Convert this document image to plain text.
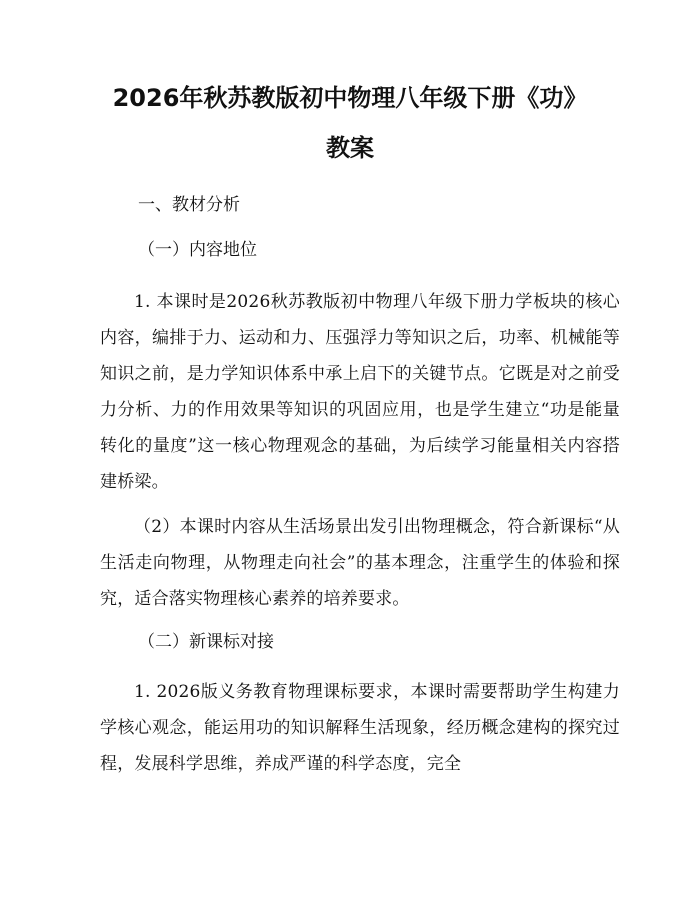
2026年秋苏教版初中物理八年级下册《功》
教案
一、教材分析
（一）内容地位

1. 本课时是2026秋苏教版初中物理八年级下册力学板块的核心内容，编排于力、运动和力、压强浮力等知识之后，功率、机械能等知识之前，是力学知识体系中承上启下的关键节点。它既是对之前受力分析、力的作用效果等知识的巩固应用，也是学生建立“功是能量转化的量度”这一核心物理观念的基础，为后续学习能量相关内容搭建桥梁。

（2）本课时内容从生活场景出发引出物理概念，符合新课标“从生活走向物理，从物理走向社会”的基本理念，注重学生的体验和探究，适合落实物理核心素养的培养要求。

（二）新课标对接

1. 2026版义务教育物理课标要求，本课时需要帮助学生构建力学核心观念，能运用功的知识解释生活现象，经历概念建构的探究过程，发展科学思维，养成严谨的科学态度，完全
